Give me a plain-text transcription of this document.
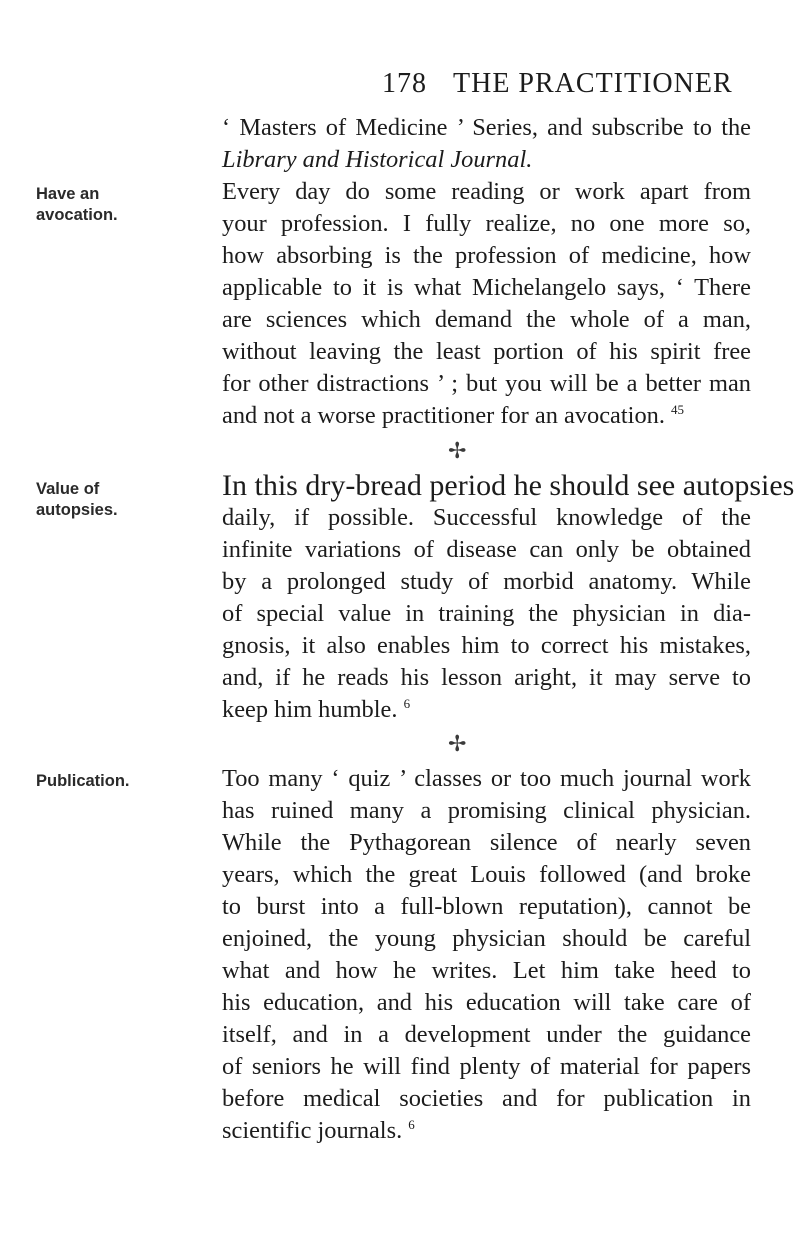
178 THE PRACTITIONER
Have an
avocation.
Value of
autopsies.
Publication.
‘ Masters of Medicine ’ Series, and subscribe to the
Library and Historical Journal.
Every day do some reading or work apart from
your profession. I fully realize, no one more so,
how absorbing is the profession of medicine, how
applicable to it is what Michelangelo says, ‘ There
are sciences which demand the whole of a man,
without leaving the least portion of his spirit free
for other distractions ’ ; but you will be a better man
and not a worse practitioner for an avocation. $^{45}$
✢
In this dry-bread period he should see autopsies
daily, if possible. Successful knowledge of the
infinite variations of disease can only be obtained
by a prolonged study of morbid anatomy. While
of special value in training the physician in dia-
gnosis, it also enables him to correct his mistakes,
and, if he reads his lesson aright, it may serve to
keep him humble. $^6$
✢
Too many ‘ quiz ’ classes or too much journal work
has ruined many a promising clinical physician.
While the Pythagorean silence of nearly seven
years, which the great Louis followed (and broke
to burst into a full-blown reputation), cannot be
enjoined, the young physician should be careful
what and how he writes. Let him take heed to
his education, and his education will take care of
itself, and in a development under the guidance
of seniors he will find plenty of material for papers
before medical societies and for publication in
scientific journals. $^6$
